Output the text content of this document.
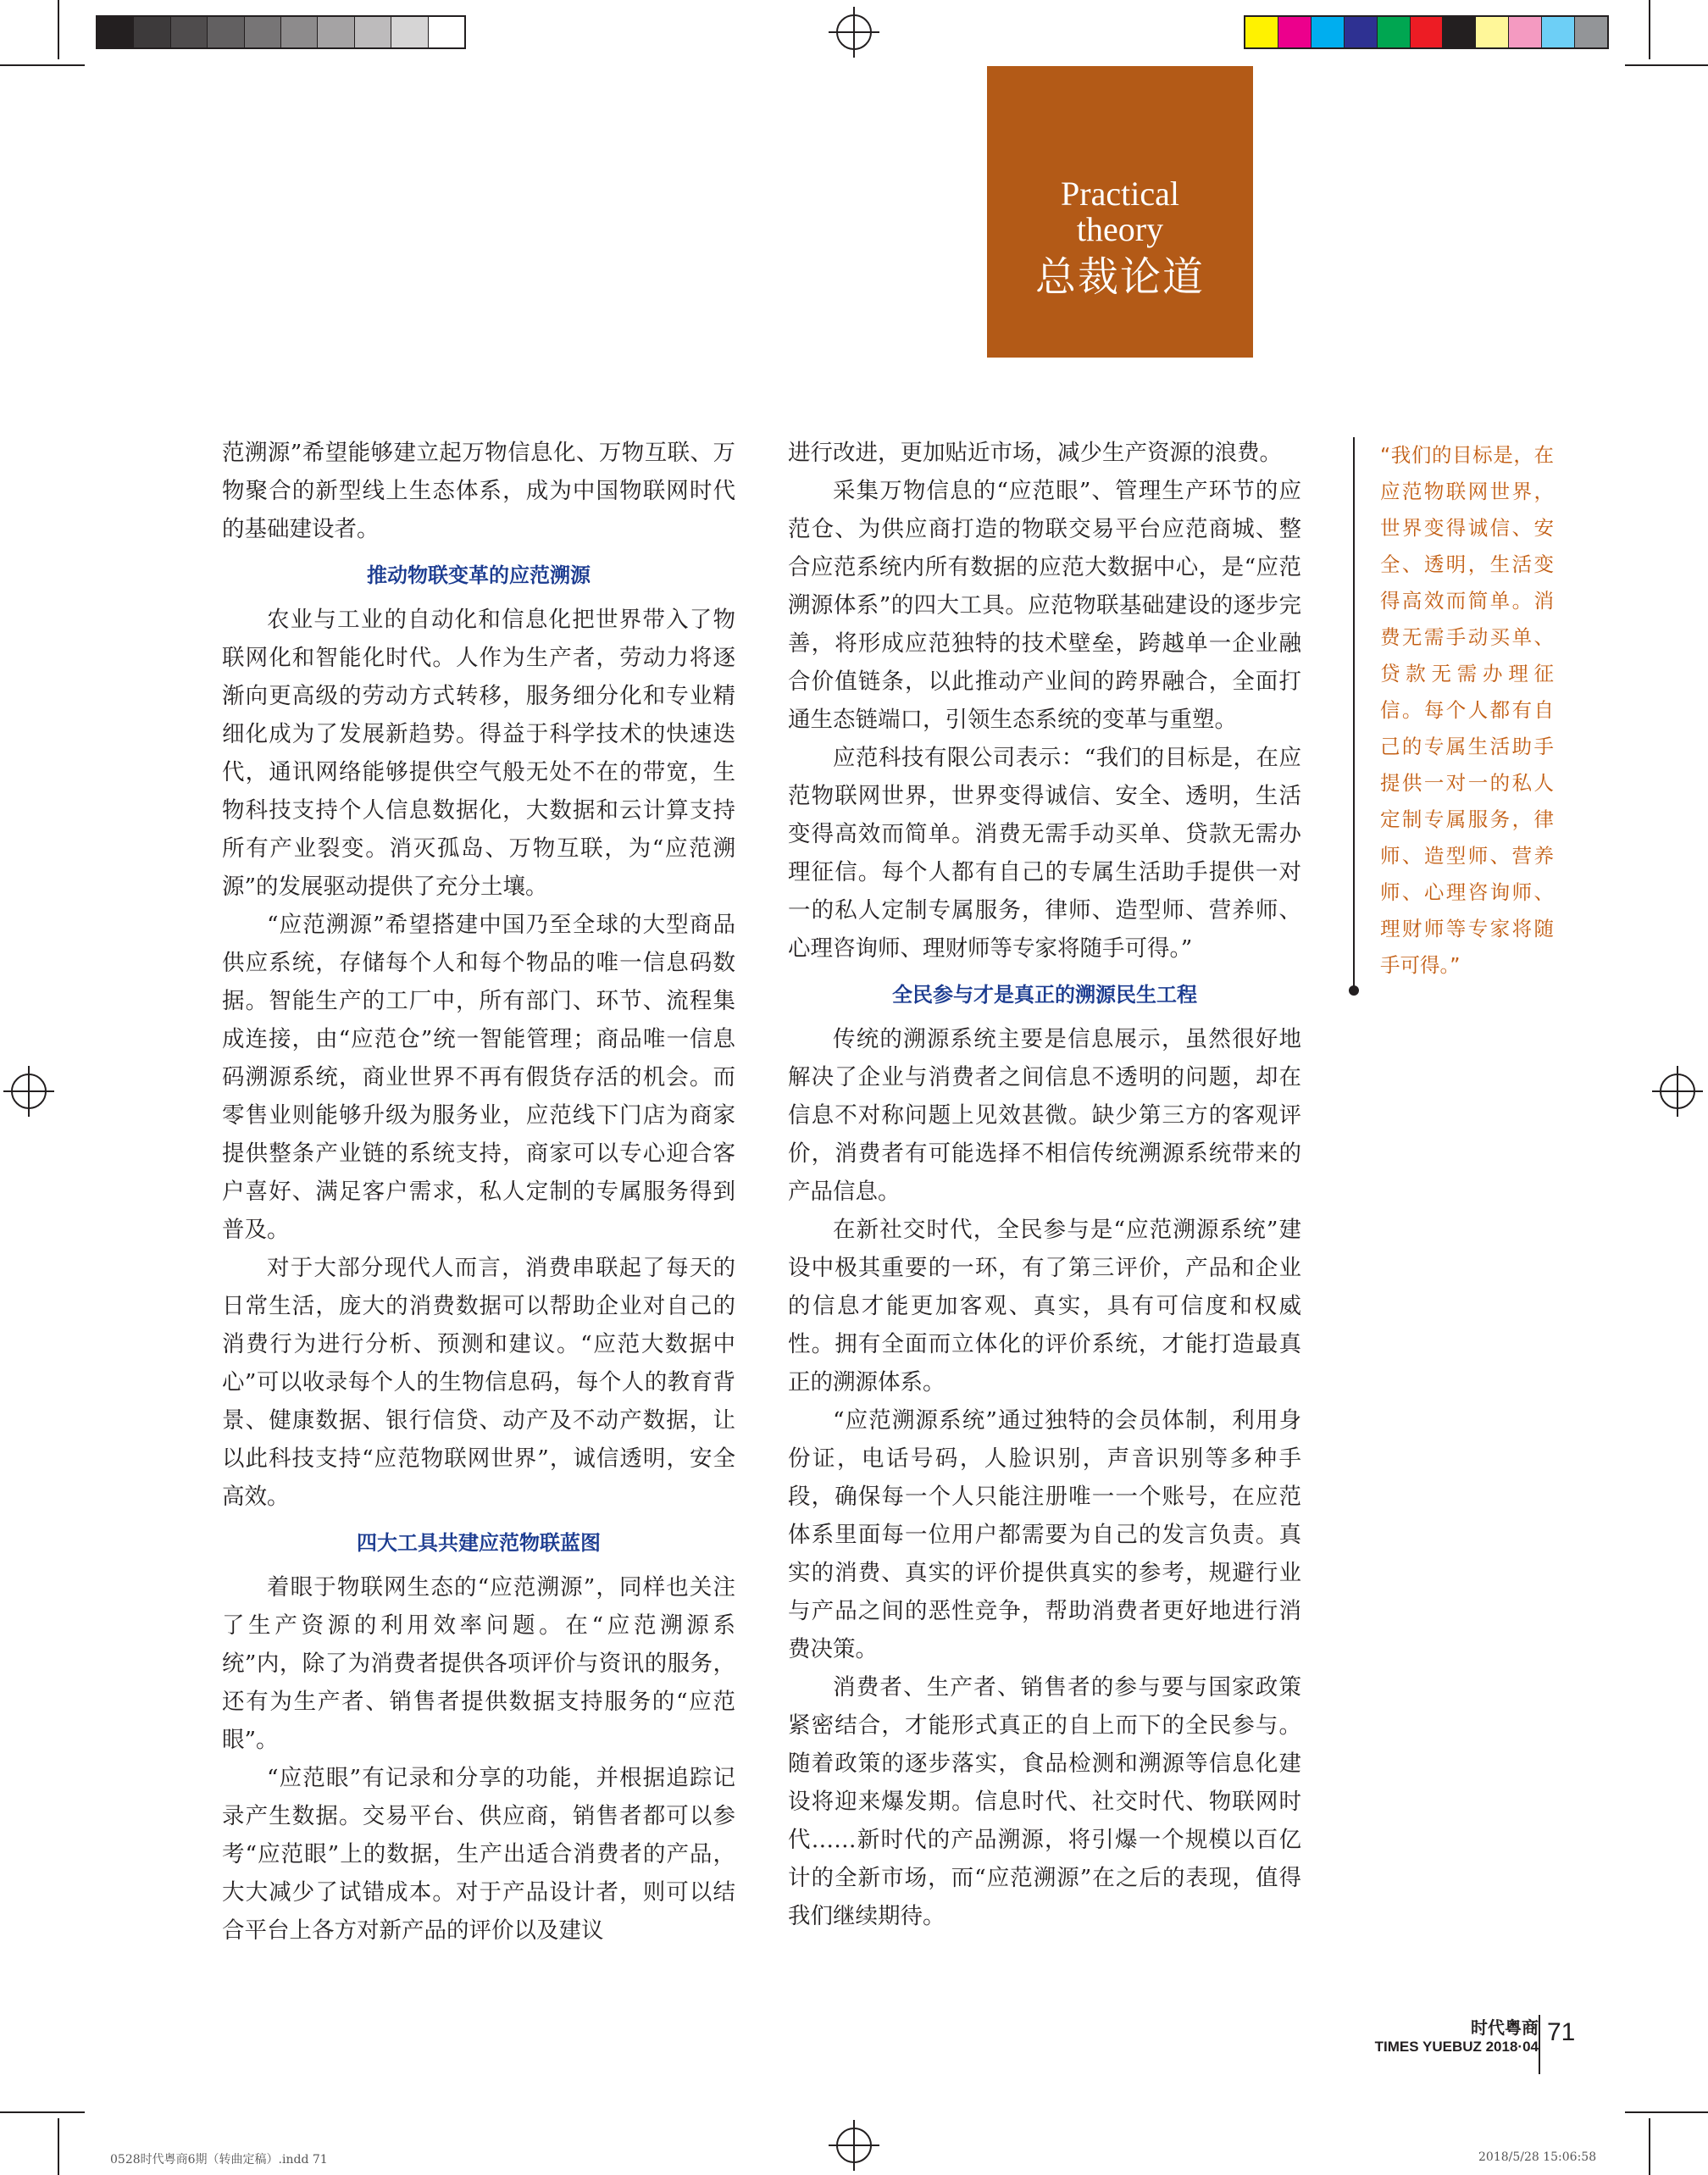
Practical
theory
总裁论道

范溯源”希望能够建立起万物信息化、万物互联、万物聚合的新型线上生态体系，成为中国物联网时代的基础建设者。

推动物联变革的应范溯源

农业与工业的自动化和信息化把世界带入了物联网化和智能化时代。人作为生产者，劳动力将逐渐向更高级的劳动方式转移，服务细分化和专业精细化成为了发展新趋势。得益于科学技术的快速迭代，通讯网络能够提供空气般无处不在的带宽，生物科技支持个人信息数据化，大数据和云计算支持所有产业裂变。消灭孤岛、万物互联，为“应范溯源”的发展驱动提供了充分土壤。

“应范溯源”希望搭建中国乃至全球的大型商品供应系统，存储每个人和每个物品的唯一信息码数据。智能生产的工厂中，所有部门、环节、流程集成连接，由“应范仓”统一智能管理；商品唯一信息码溯源系统，商业世界不再有假货存活的机会。而零售业则能够升级为服务业，应范线下门店为商家提供整条产业链的系统支持，商家可以专心迎合客户喜好、满足客户需求，私人定制的专属服务得到普及。

对于大部分现代人而言，消费串联起了每天的日常生活，庞大的消费数据可以帮助企业对自己的消费行为进行分析、预测和建议。“应范大数据中心”可以收录每个人的生物信息码，每个人的教育背景、健康数据、银行信贷、动产及不动产数据，让以此科技支持“应范物联网世界”，诚信透明，安全高效。

四大工具共建应范物联蓝图

着眼于物联网生态的“应范溯源”，同样也关注了生产资源的利用效率问题。在“应范溯源系统”内，除了为消费者提供各项评价与资讯的服务，还有为生产者、销售者提供数据支持服务的“应范眼”。

“应范眼”有记录和分享的功能，并根据追踪记录产生数据。交易平台、供应商，销售者都可以参考“应范眼”上的数据，生产出适合消费者的产品，大大减少了试错成本。对于产品设计者，则可以结合平台上各方对新产品的评价以及建议

进行改进，更加贴近市场，减少生产资源的浪费。

采集万物信息的“应范眼”、管理生产环节的应范仓、为供应商打造的物联交易平台应范商城、整合应范系统内所有数据的应范大数据中心，是“应范溯源体系”的四大工具。应范物联基础建设的逐步完善，将形成应范独特的技术壁垒，跨越单一企业融合价值链条，以此推动产业间的跨界融合，全面打通生态链端口，引领生态系统的变革与重塑。

应范科技有限公司表示：“我们的目标是，在应范物联网世界，世界变得诚信、安全、透明，生活变得高效而简单。消费无需手动买单、贷款无需办理征信。每个人都有自己的专属生活助手提供一对一的私人定制专属服务，律师、造型师、营养师、心理咨询师、理财师等专家将随手可得。”

全民参与才是真正的溯源民生工程

传统的溯源系统主要是信息展示，虽然很好地解决了企业与消费者之间信息不透明的问题，却在信息不对称问题上见效甚微。缺少第三方的客观评价，消费者有可能选择不相信传统溯源系统带来的产品信息。

在新社交时代，全民参与是“应范溯源系统”建设中极其重要的一环，有了第三评价，产品和企业的信息才能更加客观、真实，具有可信度和权威性。拥有全面而立体化的评价系统，才能打造最真正的溯源体系。

“应范溯源系统”通过独特的会员体制，利用身份证，电话号码，人脸识别，声音识别等多种手段，确保每一个人只能注册唯一一个账号，在应范体系里面每一位用户都需要为自己的发言负责。真实的消费、真实的评价提供真实的参考，规避行业与产品之间的恶性竞争，帮助消费者更好地进行消费决策。

消费者、生产者、销售者的参与要与国家政策紧密结合，才能形式真正的自上而下的全民参与。随着政策的逐步落实，食品检测和溯源等信息化建设将迎来爆发期。信息时代、社交时代、物联网时代……新时代的产品溯源，将引爆一个规模以百亿计的全新市场，而“应范溯源”在之后的表现，值得我们继续期待。

“我们的目标是，在应范物联网世界，世界变得诚信、安全、透明，生活变得高效而简单。消费无需手动买单、贷款无需办理征信。每个人都有自己的专属生活助手提供一对一的私人定制专属服务，律师、造型师、营养师、心理咨询师、理财师等专家将随手可得。”
时代粤商
TIMES YUEBUZ 2018·04
71
0528时代粤商6期（转曲定稿）.indd 71	2018/5/28 15:06:58
